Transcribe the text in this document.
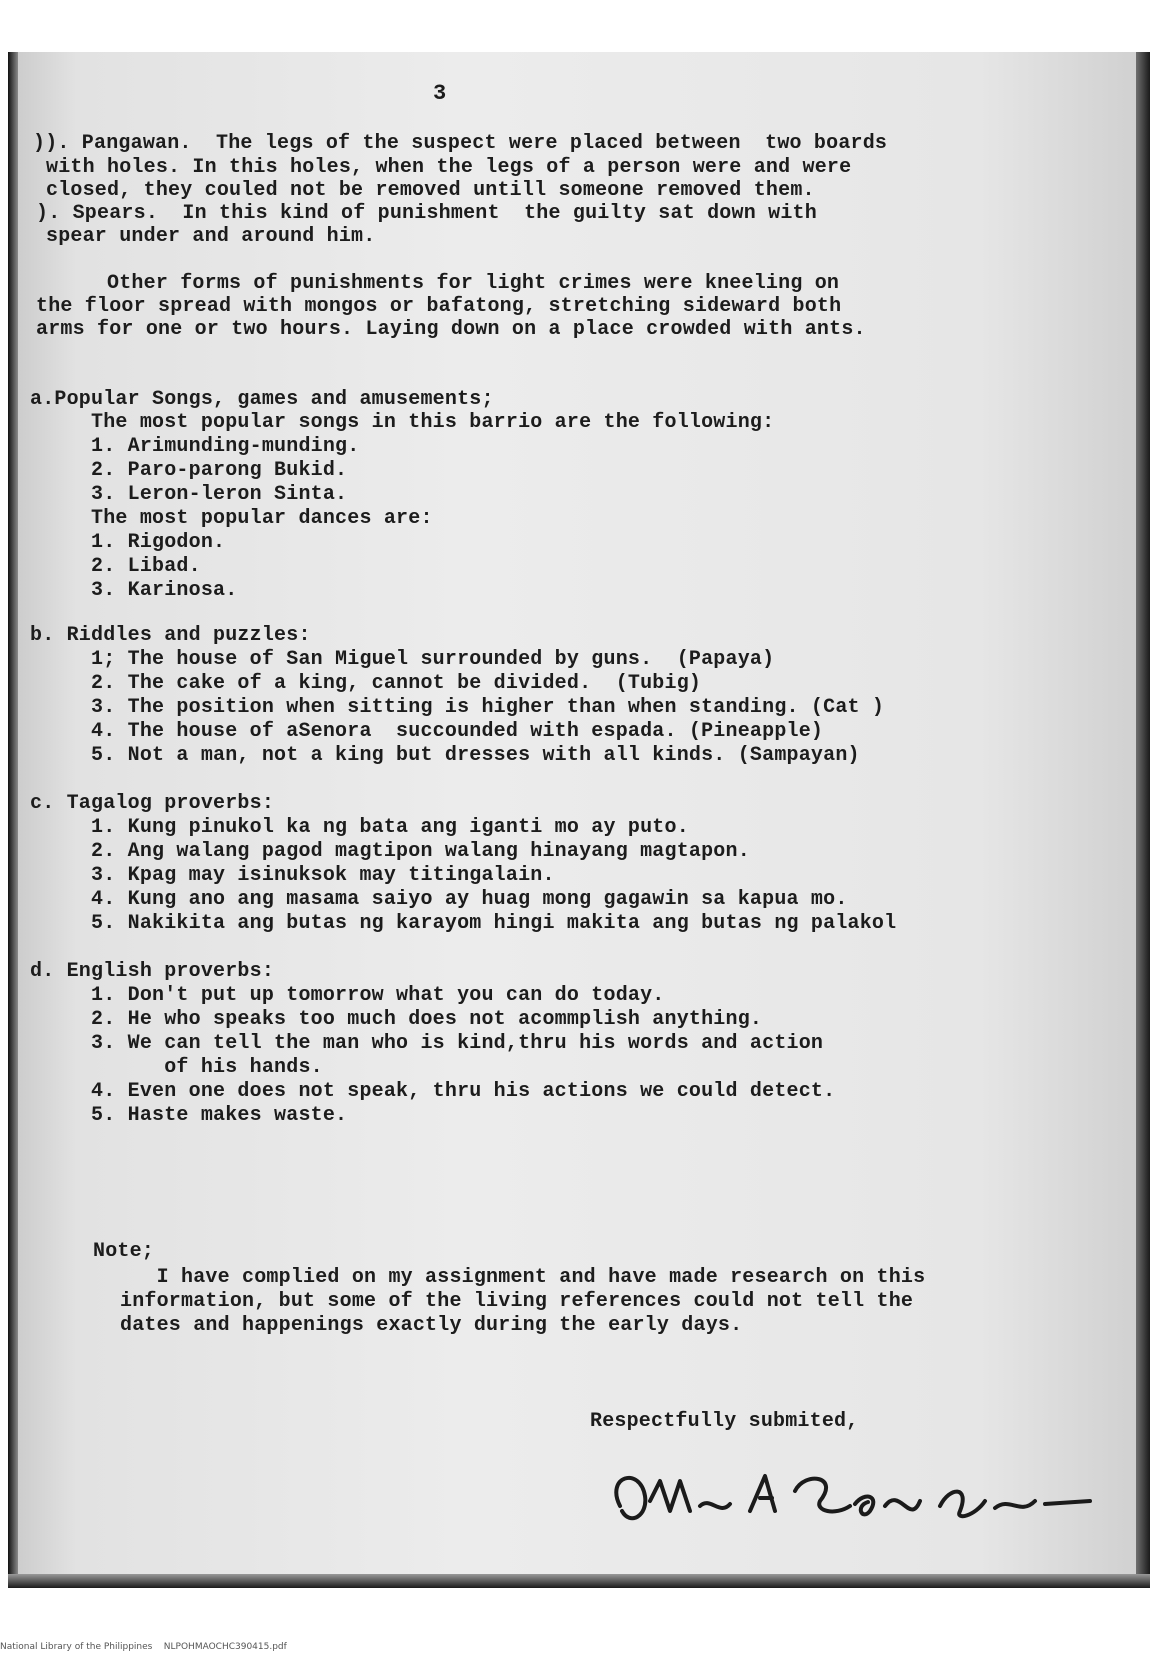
3

)). Pangawan.  The legs of the suspect were placed between  two boards

with holes. In this holes, when the legs of a person were and were

closed, they couled not be removed untill someone removed them.

). Spears.  In this kind of punishment  the guilty sat down with

spear under and around him.

Other forms of punishments for light crimes were kneeling on

the floor spread with mongos or bafatong, stretching sideward both

arms for one or two hours. Laying down on a place crowded with ants.

a.Popular Songs, games and amusements;

The most popular songs in this barrio are the following:

1. Arimunding-munding.

2. Paro-parong Bukid.

3. Leron-leron Sinta.

The most popular dances are:

1. Rigodon.

2. Libad.

3. Karinosa.

b. Riddles and puzzles:

1; The house of San Miguel surrounded by guns.  (Papaya)

2. The cake of a king, cannot be divided.  (Tubig)

3. The position when sitting is higher than when standing. (Cat )

4. The house of aSenora  succounded with espada. (Pineapple)

5. Not a man, not a king but dresses with all kinds. (Sampayan)

c. Tagalog proverbs:

1. Kung pinukol ka ng bata ang iganti mo ay puto.

2. Ang walang pagod magtipon walang hinayang magtapon.

3. Kpag may isinuksok may titingalain.

4. Kung ano ang masama saiyo ay huag mong gagawin sa kapua mo.

5. Nakikita ang butas ng karayom hingi makita ang butas ng palakol

d. English proverbs:

1. Don't put up tomorrow what you can do today.

2. He who speaks too much does not acommplish anything.

3. We can tell the man who is kind,thru his words and action

of his hands.

4. Even one does not speak, thru his actions we could detect.

5. Haste makes waste.

Note;

I have complied on my assignment and have made research on this

information, but some of the living references could not tell the

dates and happenings exactly during the early days.

Respectfully submited,

National Library of the Philippines    NLPOHMAOCHC390415.pdf
